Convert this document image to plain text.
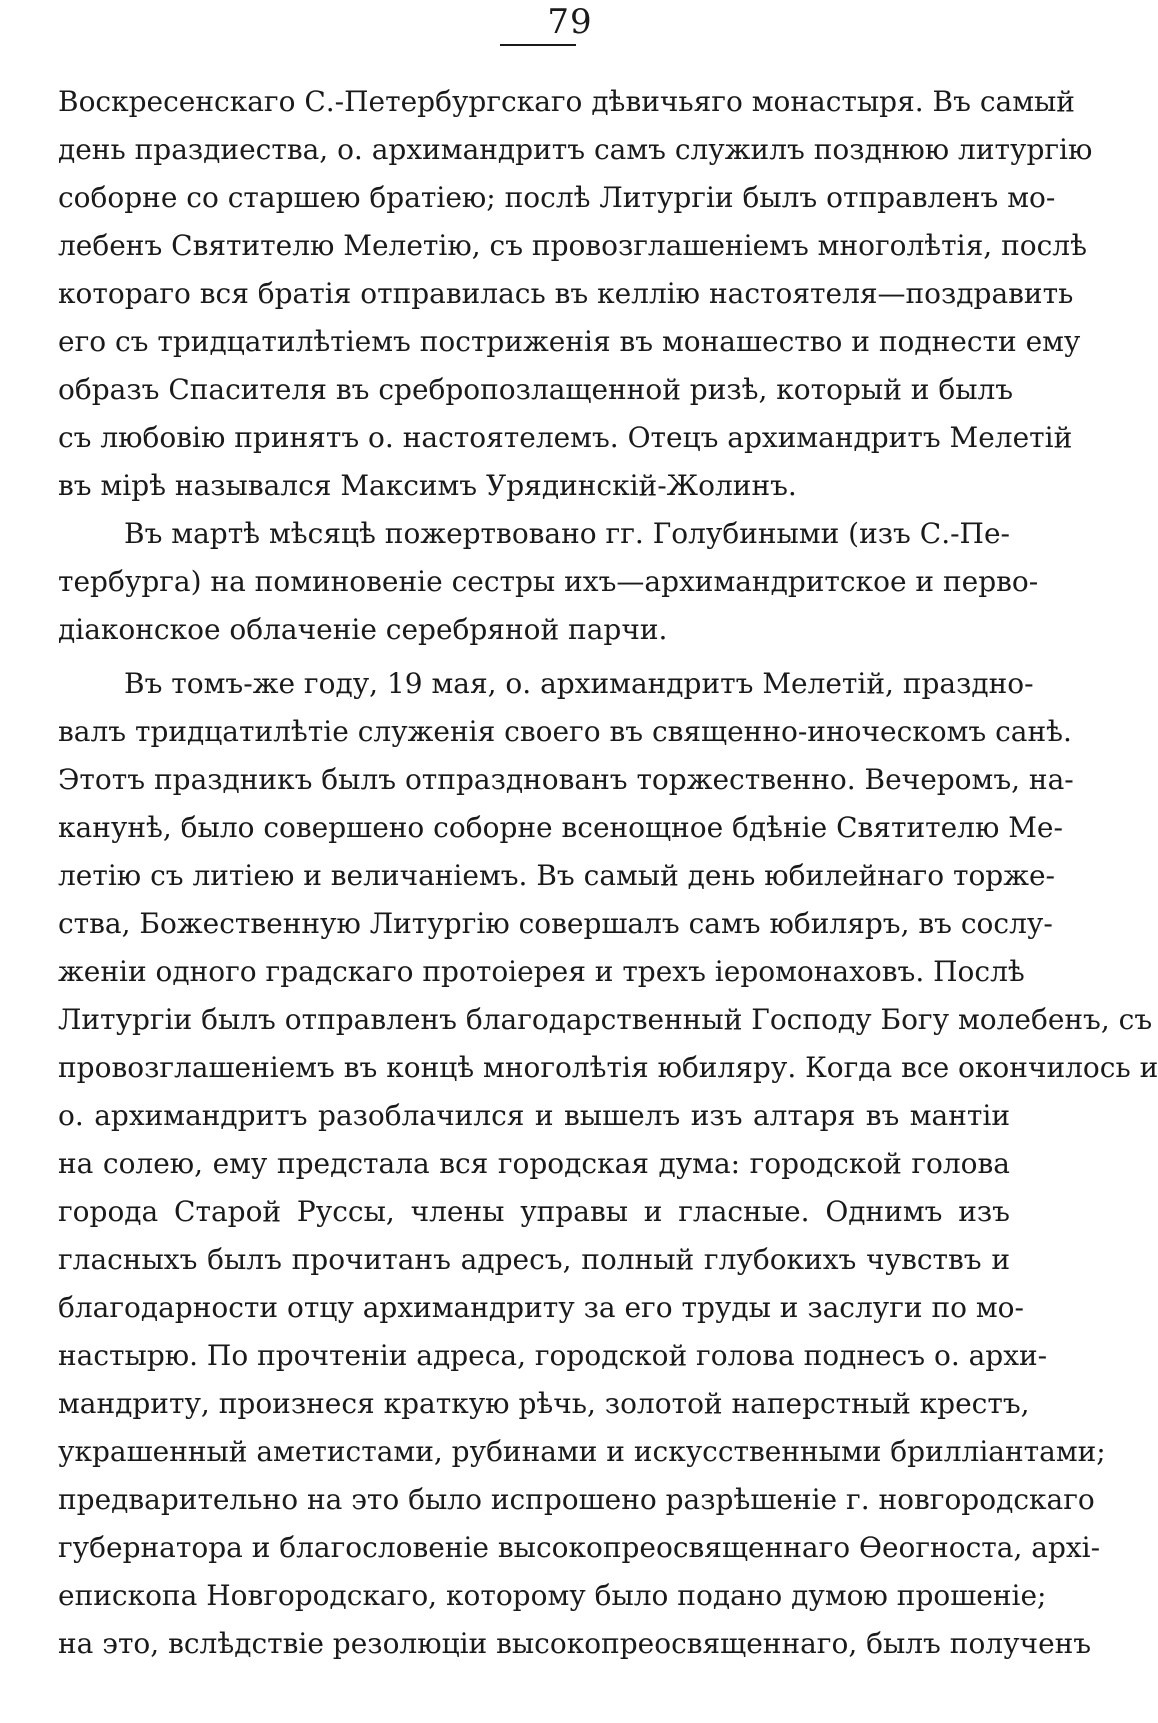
79
Воскресенскаго С.-Петербургскаго дѣвичьяго монастыря. Въ самый
день праздиества, о. архимандритъ самъ служилъ позднюю литургію
соборне со старшею братіею; послѣ Литургіи былъ отправленъ мо-
лебенъ Святителю Мелетію, съ провозглашеніемъ многолѣтія, послѣ
котораго вся братія отправилась въ келлію настоятеля—поздравить
его съ тридцатилѣтіемъ постриженія въ монашество и поднести ему
образъ Спасителя въ сребропозлащенной ризѣ, который и былъ
съ любовію принятъ о. настоятелемъ. Отецъ архимандритъ Мелетій
въ мірѣ назывался Максимъ Урядинскій-Жолинъ.
Въ мартѣ мѣсяцѣ пожертвовано гг. Голубиными (изъ С.-Пе-
тербурга) на поминовеніе сестры ихъ—архимандритское и перво-
діаконское облаченіе серебряной парчи.
Въ томъ-же году, 19 мая, о. архимандритъ Мелетій, праздно-
валъ тридцатилѣтіе служенія своего въ священно-иноческомъ санѣ.
Этотъ праздникъ былъ отпразднованъ торжественно. Вечеромъ, на-
канунѣ, было совершено соборне всенощное бдѣніе Святителю Ме-
летію съ литіею и величаніемъ. Въ самый день юбилейнаго торже-
ства, Божественную Литургію совершалъ самъ юбиляръ, въ сослу-
женіи одного градскаго протоіерея и трехъ іеромонаховъ. Послѣ
Литургіи былъ отправленъ благодарственный Господу Богу молебенъ, съ
провозглашеніемъ въ концѣ многолѣтія юбиляру. Когда все окончилось и
о. архимандритъ разоблачился и вышелъ изъ алтаря въ мантіи
на солею, ему предстала вся городская дума: городской голова
города Старой Руссы, члены управы и гласные. Однимъ изъ
гласныхъ былъ прочитанъ адресъ, полный глубокихъ чувствъ и
благодарности отцу архимандриту за его труды и заслуги по мо-
настырю. По прочтеніи адреса, городской голова поднесъ о. архи-
мандриту, произнеся краткую рѣчь, золотой наперстный крестъ,
украшенный аметистами, рубинами и искусственными бриллiантами;
предварительно на это было испрошено разрѣшеніе г. новгородскаго
губернатора и благословеніе высокопреосвященнаго Ѳеогноста, архі-
епископа Новгородскаго, которому было подано думою прошеніе;
на это, вслѣдствіе резолюціи высокопреосвященнаго, былъ полученъ
